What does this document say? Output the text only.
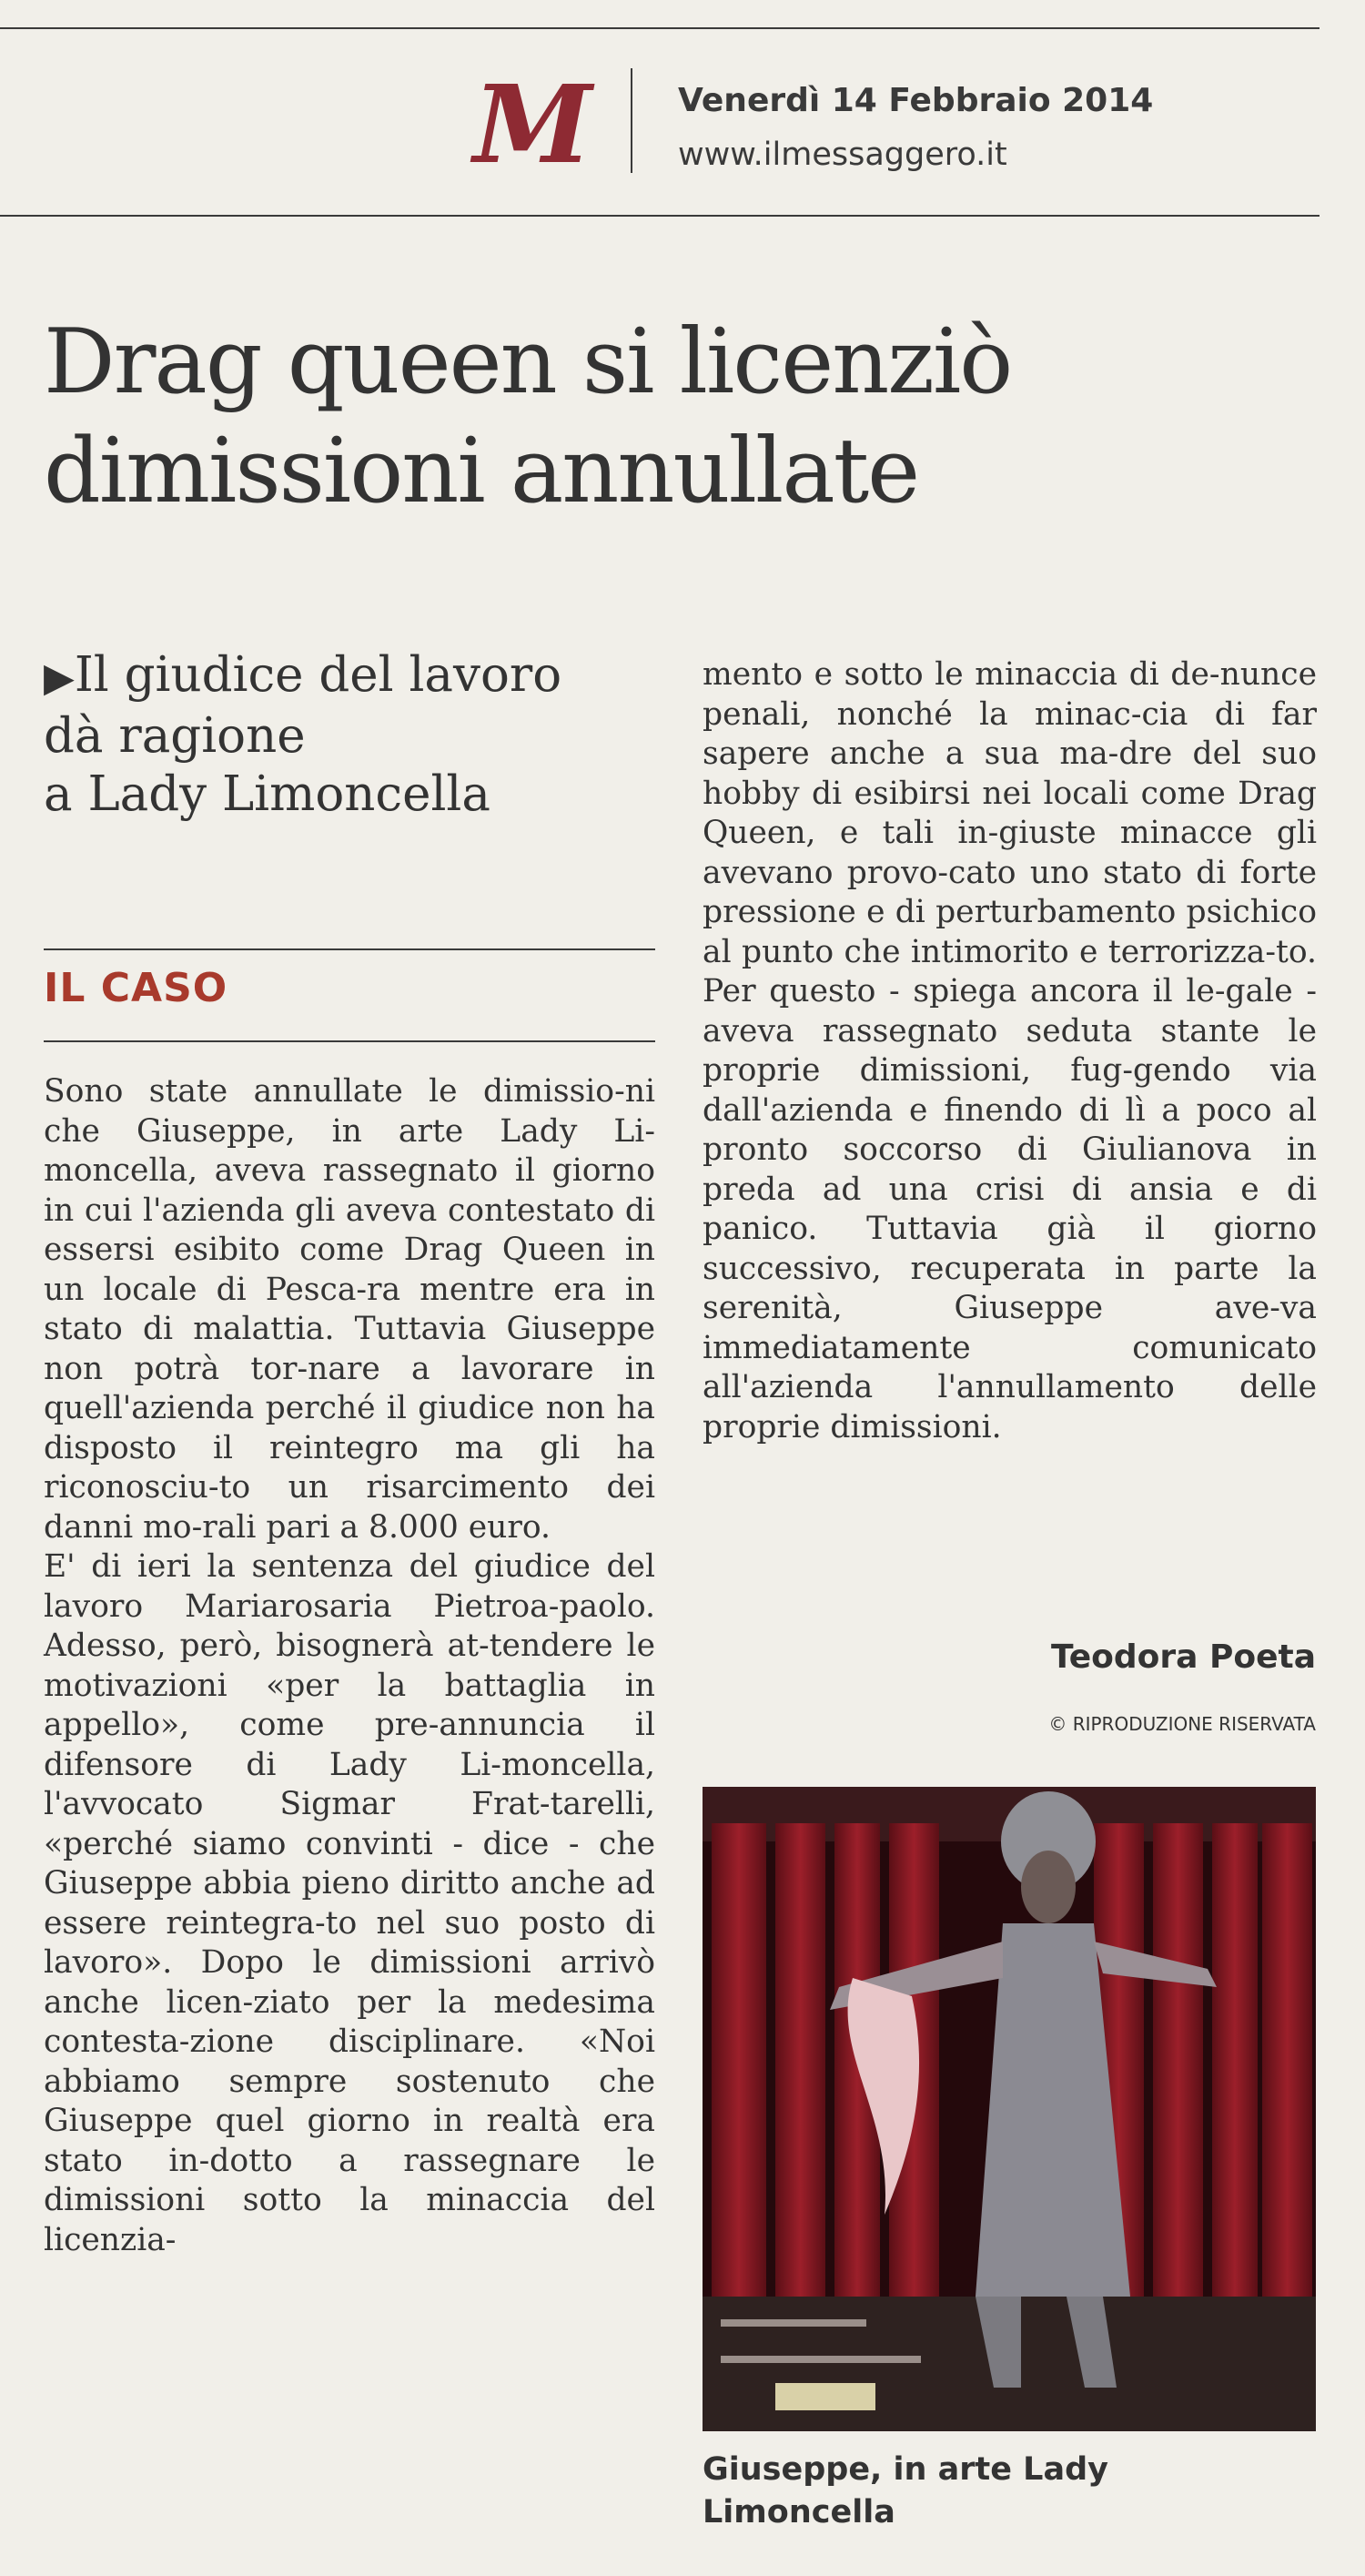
M	Venerdì 14 Febbraio 2014
www.ilmessaggero.it
Drag queen si licenziò
dimissioni annullate
▶Il giudice del lavoro
dà ragione
a Lady Limoncella
IL CASO

Sono state annullate le dimissio-ni che Giuseppe, in arte Lady Li-moncella, aveva rassegnato il giorno in cui l'azienda gli aveva contestato di essersi esibito come Drag Queen in un locale di Pesca-ra mentre era in stato di malattia. Tuttavia Giuseppe non potrà tor-nare a lavorare in quell'azienda perché il giudice non ha disposto il reintegro ma gli ha riconosciu-to un risarcimento dei danni mo-rali pari a 8.000 euro.

E' di ieri la sentenza del giudice del lavoro Mariarosaria Pietroa-paolo. Adesso, però, bisognerà at-tendere le motivazioni «per la battaglia in appello», come pre-annuncia il difensore di Lady Li-moncella, l'avvocato Sigmar Frat-tarelli, «perché siamo convinti - dice - che Giuseppe abbia pieno diritto anche ad essere reintegra-to nel suo posto di lavoro». Dopo le dimissioni arrivò anche licen-ziato per la medesima contesta-zione disciplinare. «Noi abbiamo sempre sostenuto che Giuseppe quel giorno in realtà era stato in-dotto a rassegnare le dimissioni sotto la minaccia del licenzia-

mento e sotto le minaccia di de-nunce penali, nonché la minac-cia di far sapere anche a sua ma-dre del suo hobby di esibirsi nei locali come Drag Queen, e tali in-giuste minacce gli avevano provo-cato uno stato di forte pressione e di perturbamento psichico al punto che intimorito e terrorizza-to. Per questo - spiega ancora il le-gale - aveva rassegnato seduta stante le proprie dimissioni, fug-gendo via dall'azienda e finendo di lì a poco al pronto soccorso di Giulianova in preda ad una crisi di ansia e di panico. Tuttavia già il giorno successivo, recuperata in parte la serenità, Giuseppe ave-va immediatamente comunicato all'azienda l'annullamento delle proprie dimissioni.

Teodora Poeta
© RIPRODUZIONE RISERVATA
Giuseppe, in arte Lady
Limoncella
